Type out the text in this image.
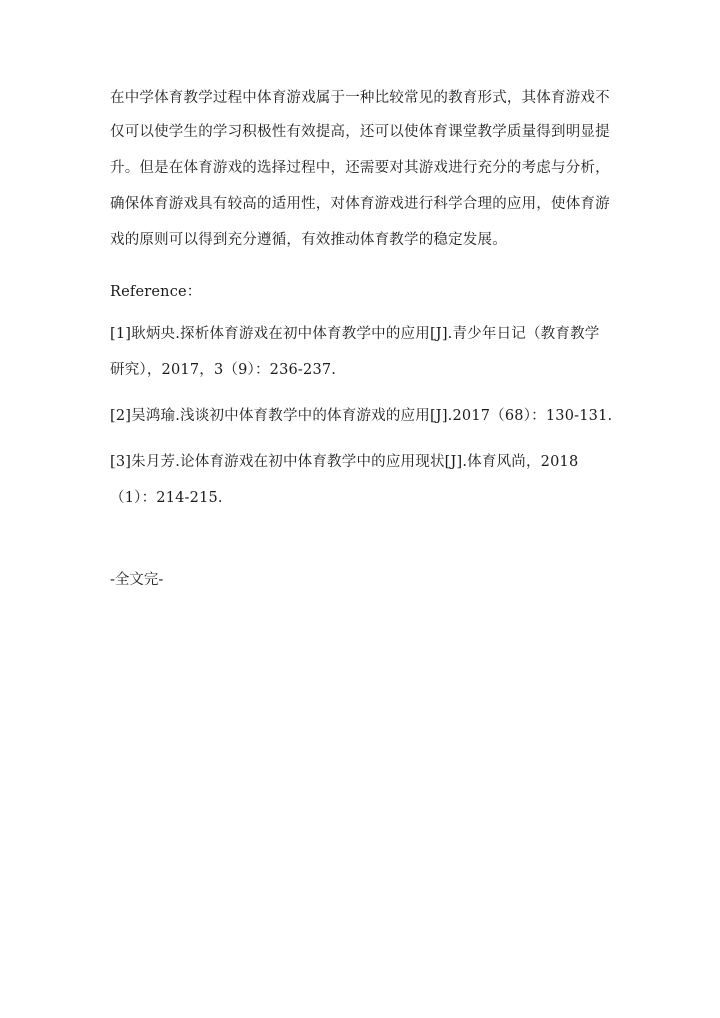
在中学体育教学过程中体育游戏属于一种比较常见的教育形式，其体育游戏不
仅可以使学生的学习积极性有效提高，还可以使体育课堂教学质量得到明显提
升。但是在体育游戏的选择过程中，还需要对其游戏进行充分的考虑与分析，
确保体育游戏具有较高的适用性，对体育游戏进行科学合理的应用，使体育游
戏的原则可以得到充分遵循，有效推动体育教学的稳定发展。
Reference：
[1]耿炳央.探析体育游戏在初中体育教学中的应用[J].青少年日记（教育教学
研究），2017，3（9）：236-237.
[2]吴鸿瑜.浅谈初中体育教学中的体育游戏的应用[J].2017（68）：130-131.
[3]朱月芳.论体育游戏在初中体育教学中的应用现状[J].体育风尚，2018
（1）：214-215.
-全文完-
